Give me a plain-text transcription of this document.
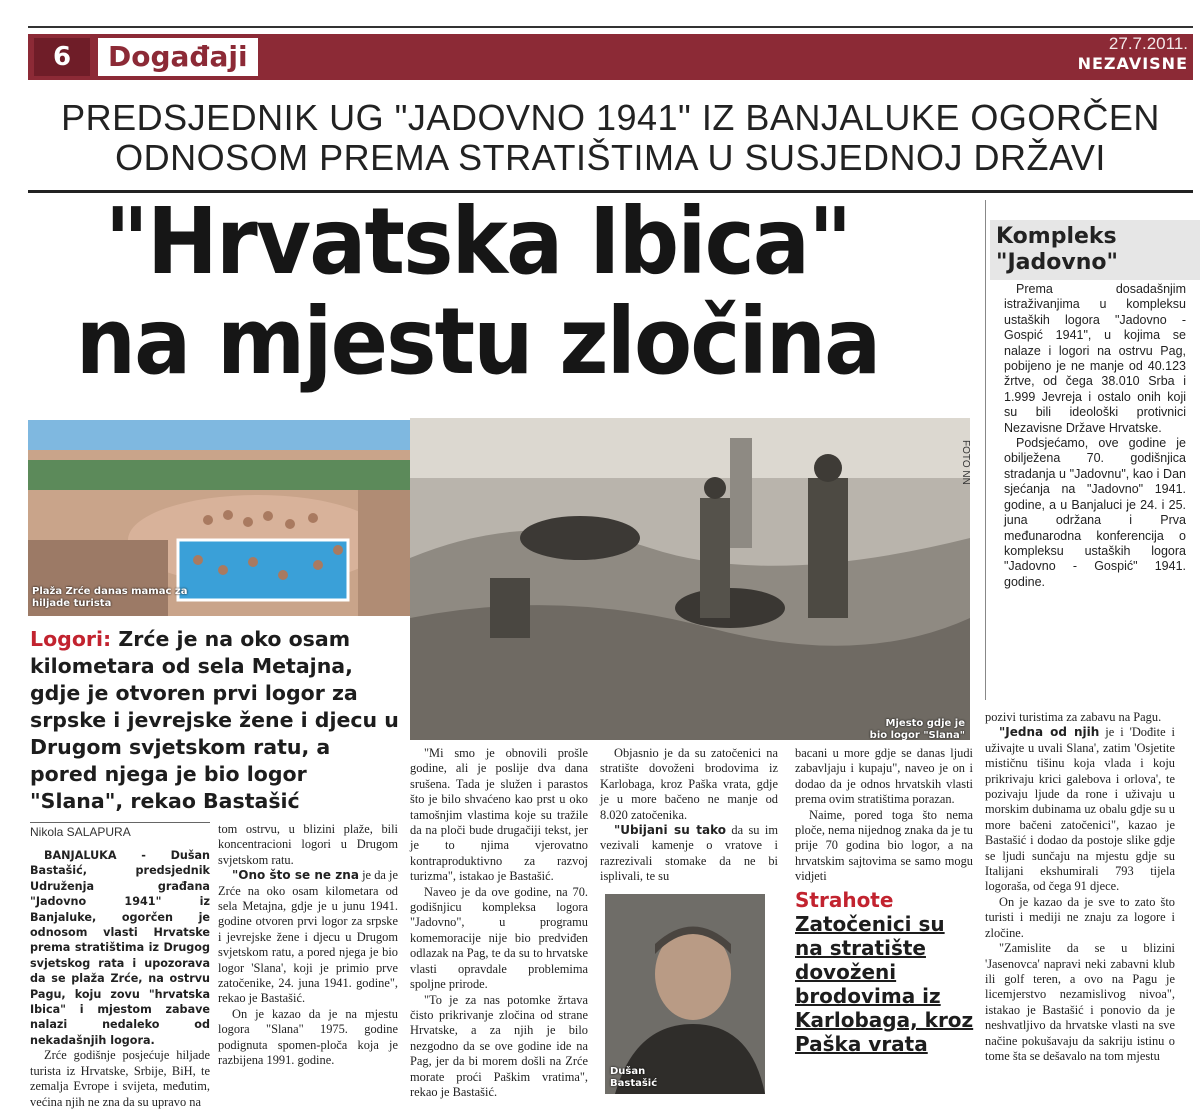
6	Događaji	27.7.2011.
NEZAVISNE
PREDSJEDNIK UG "JADOVNO 1941" IZ BANJALUKE OGORČEN
ODNOSOM PREMA STRATIŠTIMA U SUSJEDNOJ DRŽAVI
"Hrvatska Ibica"
na mjestu zločina
Kompleks "Jadovno"

Prema dosadašnjim istraživanjima u kompleksu ustaških logora "Jadovno - Gospić 1941", u kojima se nalaze i logori na ostrvu Pag, pobijeno je ne manje od 40.123 žrtve, od čega 38.010 Srba i 1.999 Jevreja i ostalo onih koji su bili ideološki protivnici Nezavisne Države Hrvatske.

Podsjećamo, ove godine je obilježena 70. godišnjica stradanja u "Jadovnu", kao i Dan sjećanja na "Jadovno" 1941. godine, a u Banjaluci je 24. i 25. juna održana i Prva međunarodna konferencija o kompleksu ustaških logora "Jadovno - Gospić" 1941. godine.

Plaža Zrće danas mamac za hiljade turista
Mjesto gdje je bio logor "Slana"
FOTO NN
Logori: Zrće je na oko osam kilometara od sela Metajna, gdje je otvoren prvi logor za srpske i jevrejske žene i djecu u Drugom svjetskom ratu, a pored njega je bio logor "Slana", rekao Bastašić
Nikola SALAPURA

BANJALUKA - Dušan Bastašić, predsjednik Udruženja građana "Jadovno 1941" iz Banjaluke, ogorčen je odnosom vlasti Hrvatske prema stratištima iz Drugog svjetskog rata i upozorava da se plaža Zrće, na ostrvu Pagu, koju zovu "hrvatska Ibica" i mjestom zabave nalazi nedaleko od nekadašnjih logora.

Zrće godišnje posjećuje hiljade turista iz Hrvatske, Srbije, BiH, te zemalja Evrope i svijeta, međutim, većina njih ne zna da su upravo na

tom ostrvu, u blizini plaže, bili koncentracioni logori u Drugom svjetskom ratu.

"Ono što se ne zna je da je Zrće na oko osam kilometara od sela Metajna, gdje je u junu 1941. godine otvoren prvi logor za srpske i jevrejske žene i djecu u Drugom svjetskom ratu, a pored njega je bio logor 'Slana', koji je primio prve zatočenike, 24. juna 1941. godine", rekao je Bastašić.

On je kazao da je na mjestu logora "Slana" 1975. godine podignuta spomen-ploča koja je razbijena 1991. godine.

"Mi smo je obnovili prošle godine, ali je poslije dva dana srušena. Tada je služen i parastos što je bilo shvaćeno kao prst u oko tamošnjim vlastima koje su tražile da na ploči bude drugačiji tekst, jer je to njima vjerovatno kontraproduktivno za razvoj turizma", istakao je Bastašić.

Naveo je da ove godine, na 70. godišnjicu kompleksa logora "Jadovno", u programu komemoracije nije bio predviđen odlazak na Pag, te da su to hrvatske vlasti opravdale problemima spoljne prirode.

"To je za nas potomke žrtava čisto prikrivanje zločina od strane Hrvatske, a za njih je bilo nezgodno da se ove godine ide na Pag, jer da bi morem došli na Zrće morate proći Paškim vratima", rekao je Bastašić.

Objasnio je da su zatočenici na stratište dovoženi brodovima iz Karlobaga, kroz Paška vrata, gdje je u more bačeno ne manje od 8.020 zatočenika.

"Ubijani su tako da su im vezivali kamenje o vratove i razrezivali stomake da ne bi isplivali, te su

Dušan Bastašić

bacani u more gdje se danas ljudi zabavljaju i kupaju", naveo je on i dodao da je odnos hrvatskih vlasti prema ovim stratištima porazan.

Naime, pored toga što nema ploče, nema nijednog znaka da je tu prije 70 godina bio logor, a na hrvatskim sajtovima se samo mogu vidjeti

Strahote
Zatočenici su na stratište dovoženi brodovima iz Karlobaga, kroz Paška vrata

pozivi turistima za zabavu na Pagu.

"Jedna od njih je i 'Dođite i uživajte u uvali Slana', zatim 'Osjetite mističnu tišinu koja vlada i koju prikrivaju krici galebova i orlova', te pozivaju ljude da rone i uživaju u morskim dubinama uz obalu gdje su u more bačeni zatočenici", kazao je Bastašić i dodao da postoje slike gdje se ljudi sunčaju na mjestu gdje su Italijani ekshumirali 793 tijela logoraša, od čega 91 djece.

On je kazao da je sve to zato što turisti i mediji ne znaju za logore i zločine.

"Zamislite da se u blizini 'Jasenovca' napravi neki zabavni klub ili golf teren, a ovo na Pagu je licemjerstvo nezamislivog nivoa", istakao je Bastašić i ponovio da je neshvatljivo da hrvatske vlasti na sve načine pokušavaju da sakriju istinu o tome šta se dešavalo na tom mjestu
